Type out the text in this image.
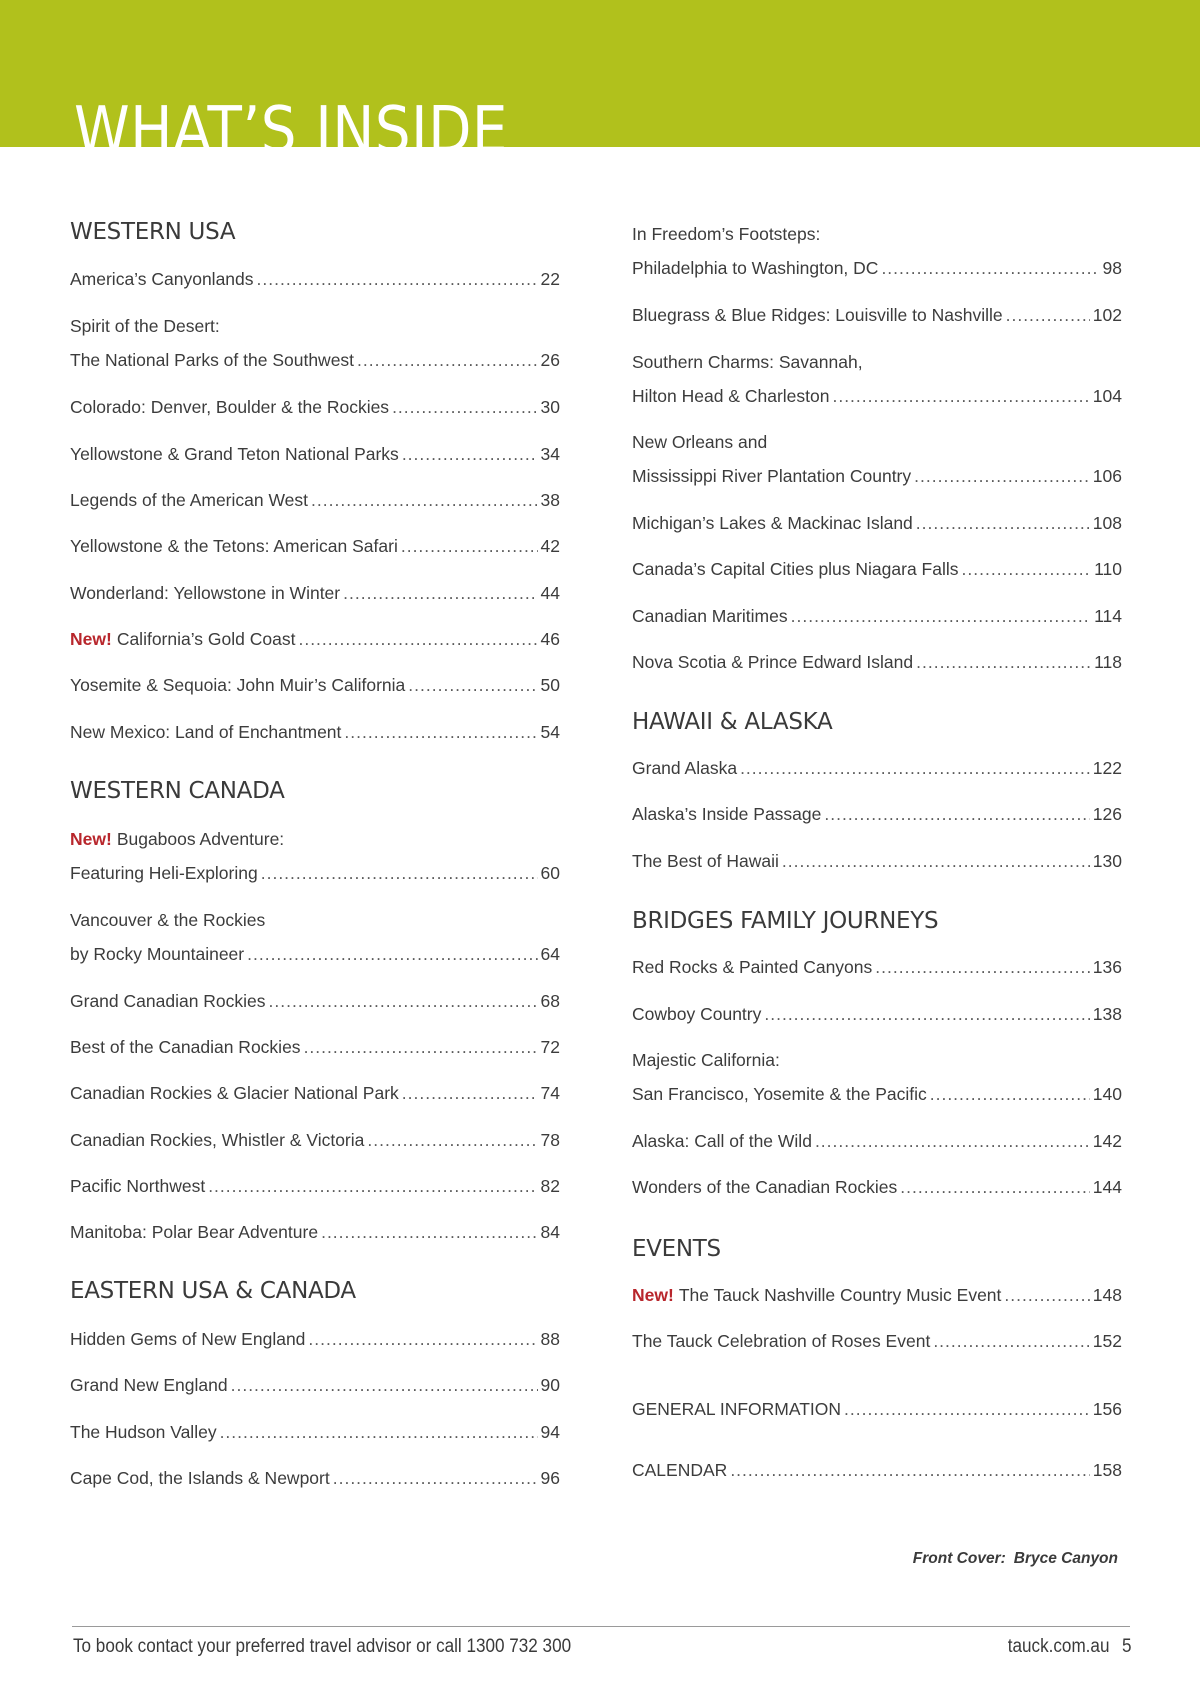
WHAT’S INSIDE
WESTERN USA
America’s Canyonlands .....	22
Spirit of the Desert:
The National Parks of the Southwest .....	26
Colorado: Denver, Boulder & the Rockies .....	30
Yellowstone & Grand Teton National Parks .....	34
Legends of the American West .....	38
Yellowstone & the Tetons: American Safari .....	42
Wonderland: Yellowstone in Winter .....	44
New! California’s Gold Coast .....	46
Yosemite & Sequoia: John Muir’s California .....	50
New Mexico: Land of Enchantment .....	54
WESTERN CANADA
New! Bugaboos Adventure:
Featuring Heli-Exploring .....	60
Vancouver & the Rockies
by Rocky Mountaineer .....	64
Grand Canadian Rockies .....	68
Best of the Canadian Rockies .....	72
Canadian Rockies & Glacier National Park .....	74
Canadian Rockies, Whistler & Victoria .....	78
Pacific Northwest .....	82
Manitoba: Polar Bear Adventure .....	84
EASTERN USA & CANADA
Hidden Gems of New England .....	88
Grand New England .....	90
The Hudson Valley .....	94
Cape Cod, the Islands & Newport .....	96
In Freedom’s Footsteps:
Philadelphia to Washington, DC .....	98
Bluegrass & Blue Ridges: Louisville to Nashville .....	102
Southern Charms: Savannah,
Hilton Head & Charleston .....	104
New Orleans and
Mississippi River Plantation Country .....	106
Michigan’s Lakes & Mackinac Island .....	108
Canada’s Capital Cities plus Niagara Falls .....	110
Canadian Maritimes .....	114
Nova Scotia & Prince Edward Island .....	118
HAWAII & ALASKA
Grand Alaska .....	122
Alaska’s Inside Passage .....	126
The Best of Hawaii .....	130
BRIDGES FAMILY JOURNEYS
Red Rocks & Painted Canyons .....	136
Cowboy Country .....	138
Majestic California:
San Francisco, Yosemite & the Pacific .....	140
Alaska: Call of the Wild .....	142
Wonders of the Canadian Rockies .....	144
EVENTS
New! The Tauck Nashville Country Music Event .....	148
The Tauck Celebration of Roses Event .....	152
GENERAL INFORMATION .....	156
CALENDAR .....	158
Front Cover: Bryce Canyon
To book contact your preferred travel advisor or call 1300 732 300	tauck.com.au 5
